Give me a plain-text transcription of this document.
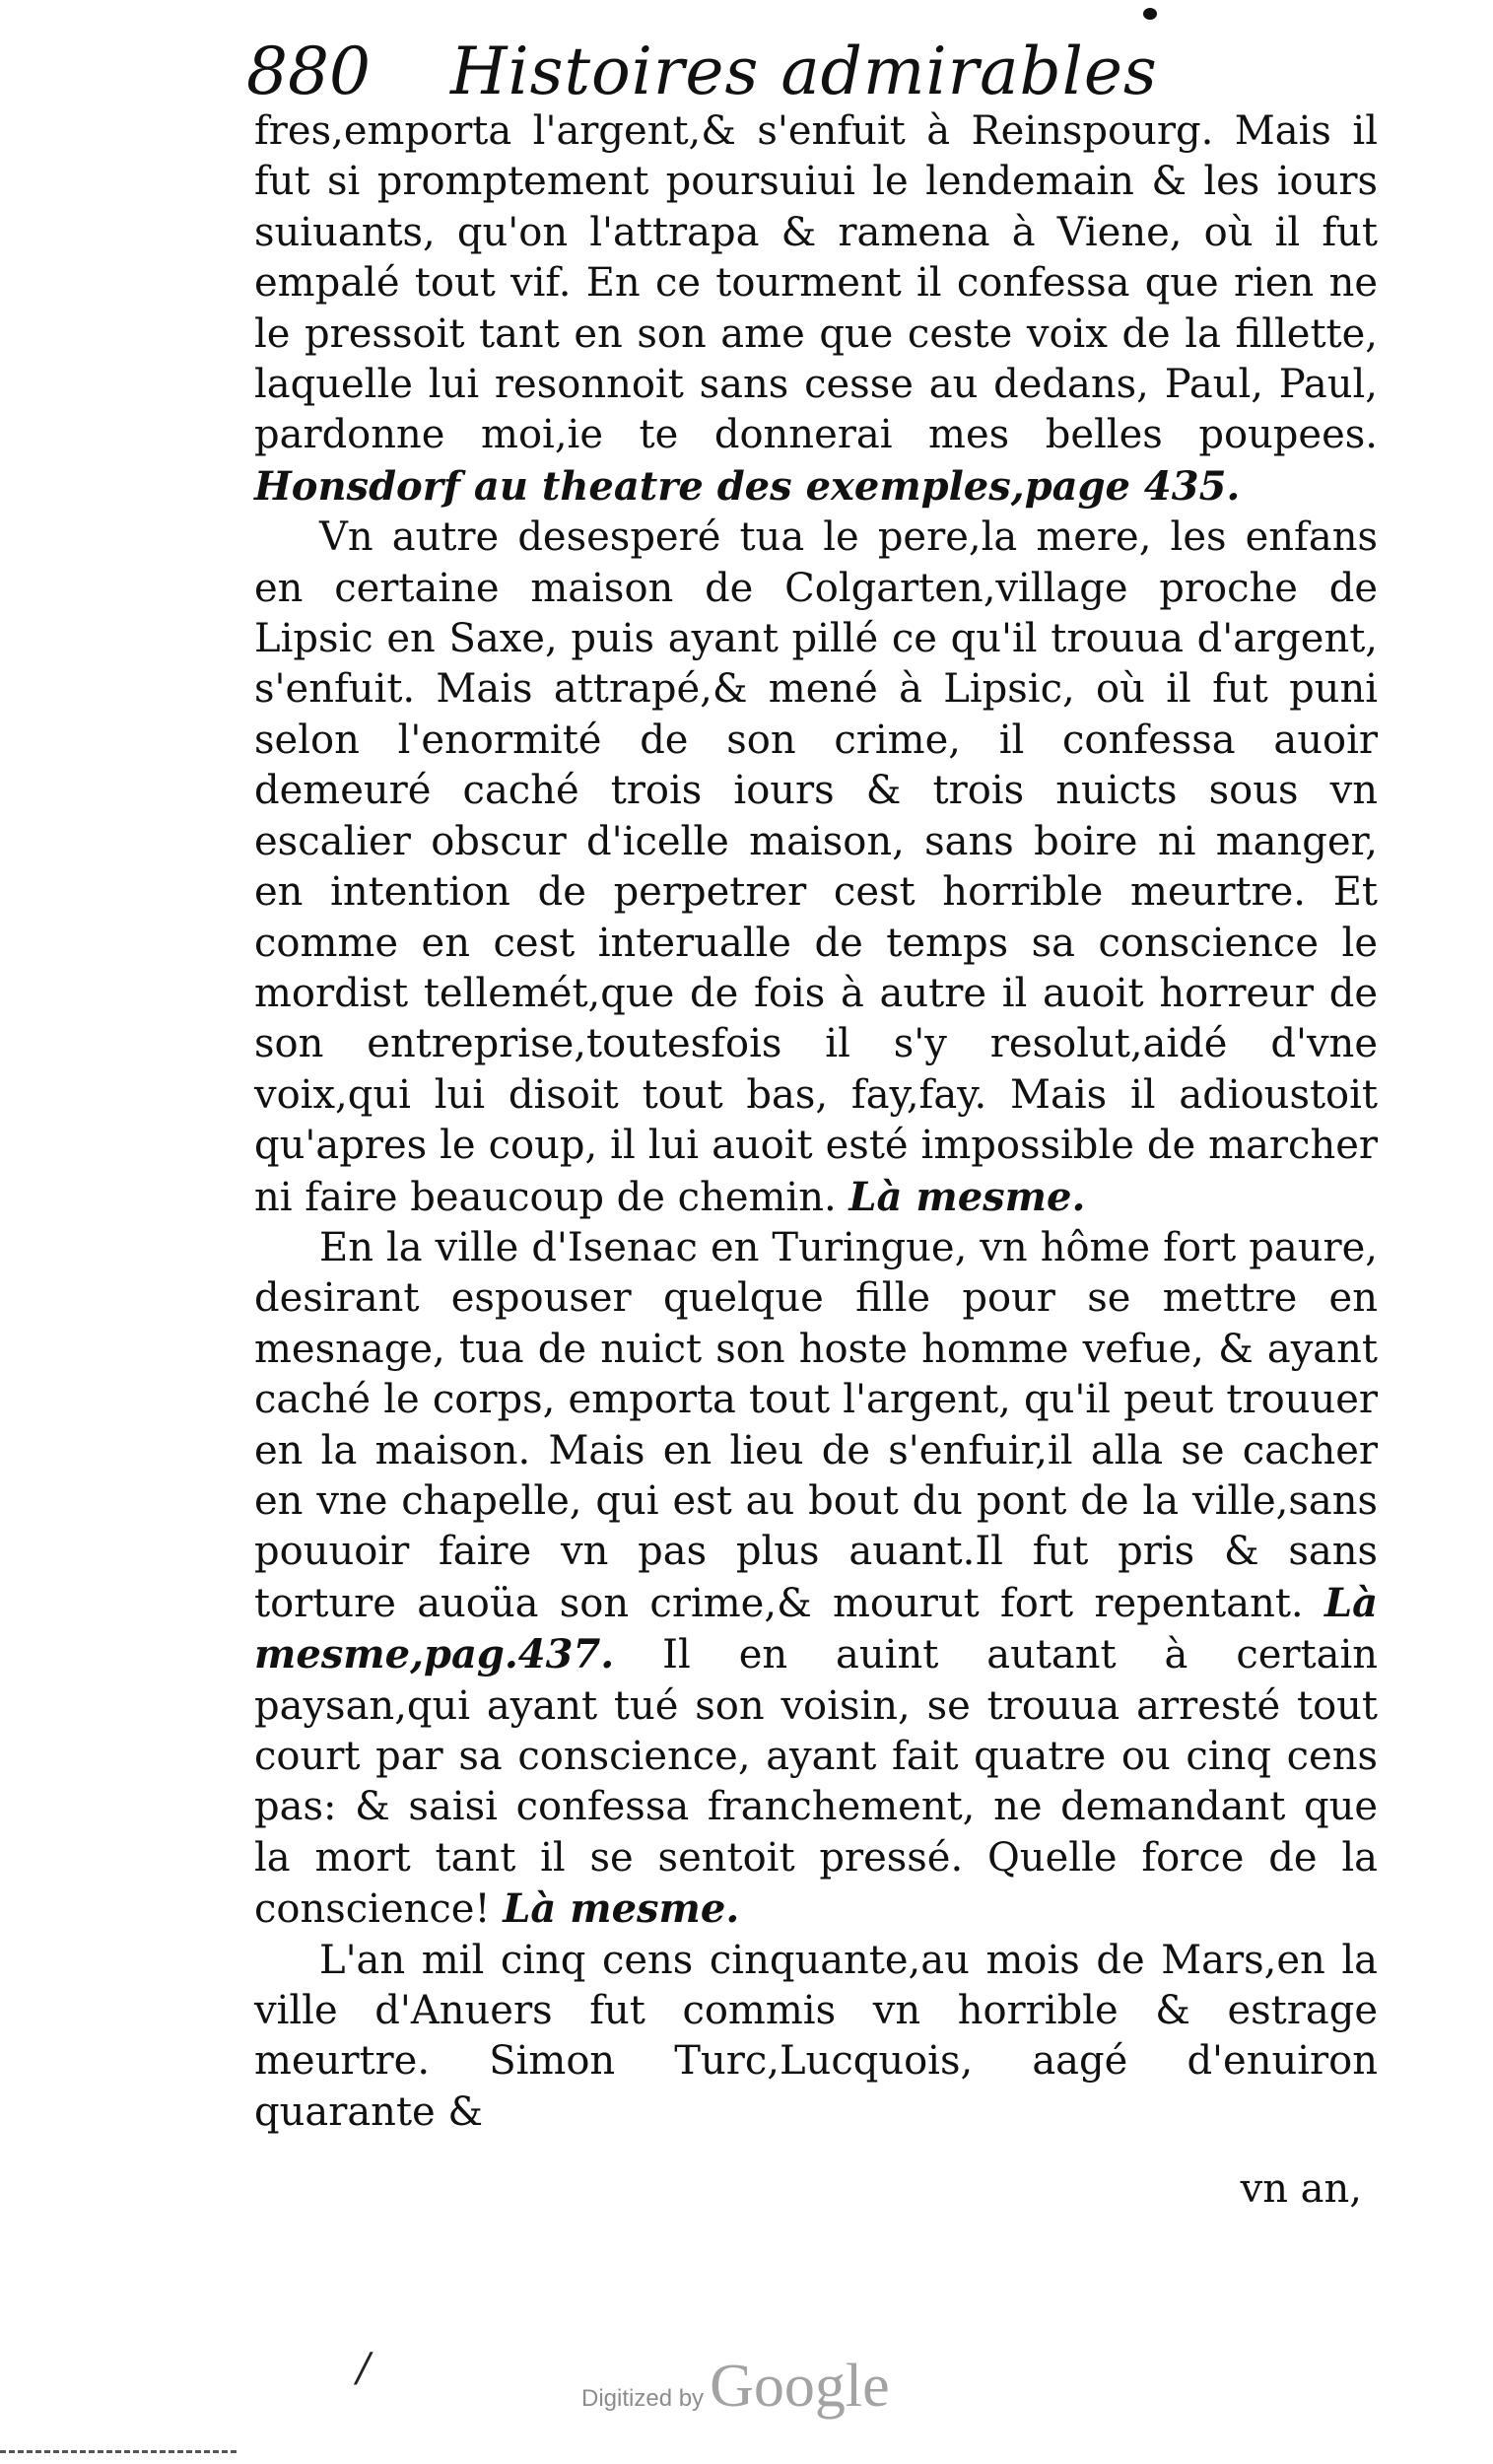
880 Histoires admirables

fres,emporta l'argent,& s'enfuit à Reinspourg. Mais il fut si promptement poursuiui le lendemain & les iours suiuants, qu'on l'attrapa & ramena à Viene, où il fut empalé tout vif. En ce tourment il confessa que rien ne le pressoit tant en son ame que ceste voix de la fillette, laquelle lui resonnoit sans cesse au dedans, Paul, Paul, pardonne moi,ie te donnerai mes belles poupees. Honsdorf au theatre des exemples,page 435.

Vn autre desesperé tua le pere,la mere, les enfans en certaine maison de Colgarten,village proche de Lipsic en Saxe, puis ayant pillé ce qu'il trouua d'argent, s'enfuit. Mais attrapé,& mené à Lipsic, où il fut puni selon l'enormité de son crime, il confessa auoir demeuré caché trois iours & trois nuicts sous vn escalier obscur d'icelle maison, sans boire ni manger, en intention de perpetrer cest horrible meurtre. Et comme en cest interualle de temps sa conscience le mordist tellemét,que de fois à autre il auoit horreur de son entreprise,toutesfois il s'y resolut,aidé d'vne voix,qui lui disoit tout bas, fay,fay. Mais il adioustoit qu'apres le coup, il lui auoit esté impossible de marcher ni faire beaucoup de chemin. Là mesme.

En la ville d'Isenac en Turingue, vn hôme fort paure, desirant espouser quelque fille pour se mettre en mesnage, tua de nuict son hoste homme vefue, & ayant caché le corps, emporta tout l'argent, qu'il peut trouuer en la maison. Mais en lieu de s'enfuir,il alla se cacher en vne chapelle, qui est au bout du pont de la ville,sans pouuoir faire vn pas plus auant.Il fut pris & sans torture auoüa son crime,& mourut fort repentant. Là mesme,pag.437. Il en auint autant à certain paysan,qui ayant tué son voisin, se trouua arresté tout court par sa conscience, ayant fait quatre ou cinq cens pas: & saisi confessa franchement, ne demandant que la mort tant il se sentoit pressé. Quelle force de la conscience! Là mesme.

L'an mil cinq cens cinquante,au mois de Mars,en la ville d'Anuers fut commis vn horrible & estrage meurtre. Simon Turc,Lucquois, aagé d'enuiron quarante &

vn an,
/
Digitized byGoogle
